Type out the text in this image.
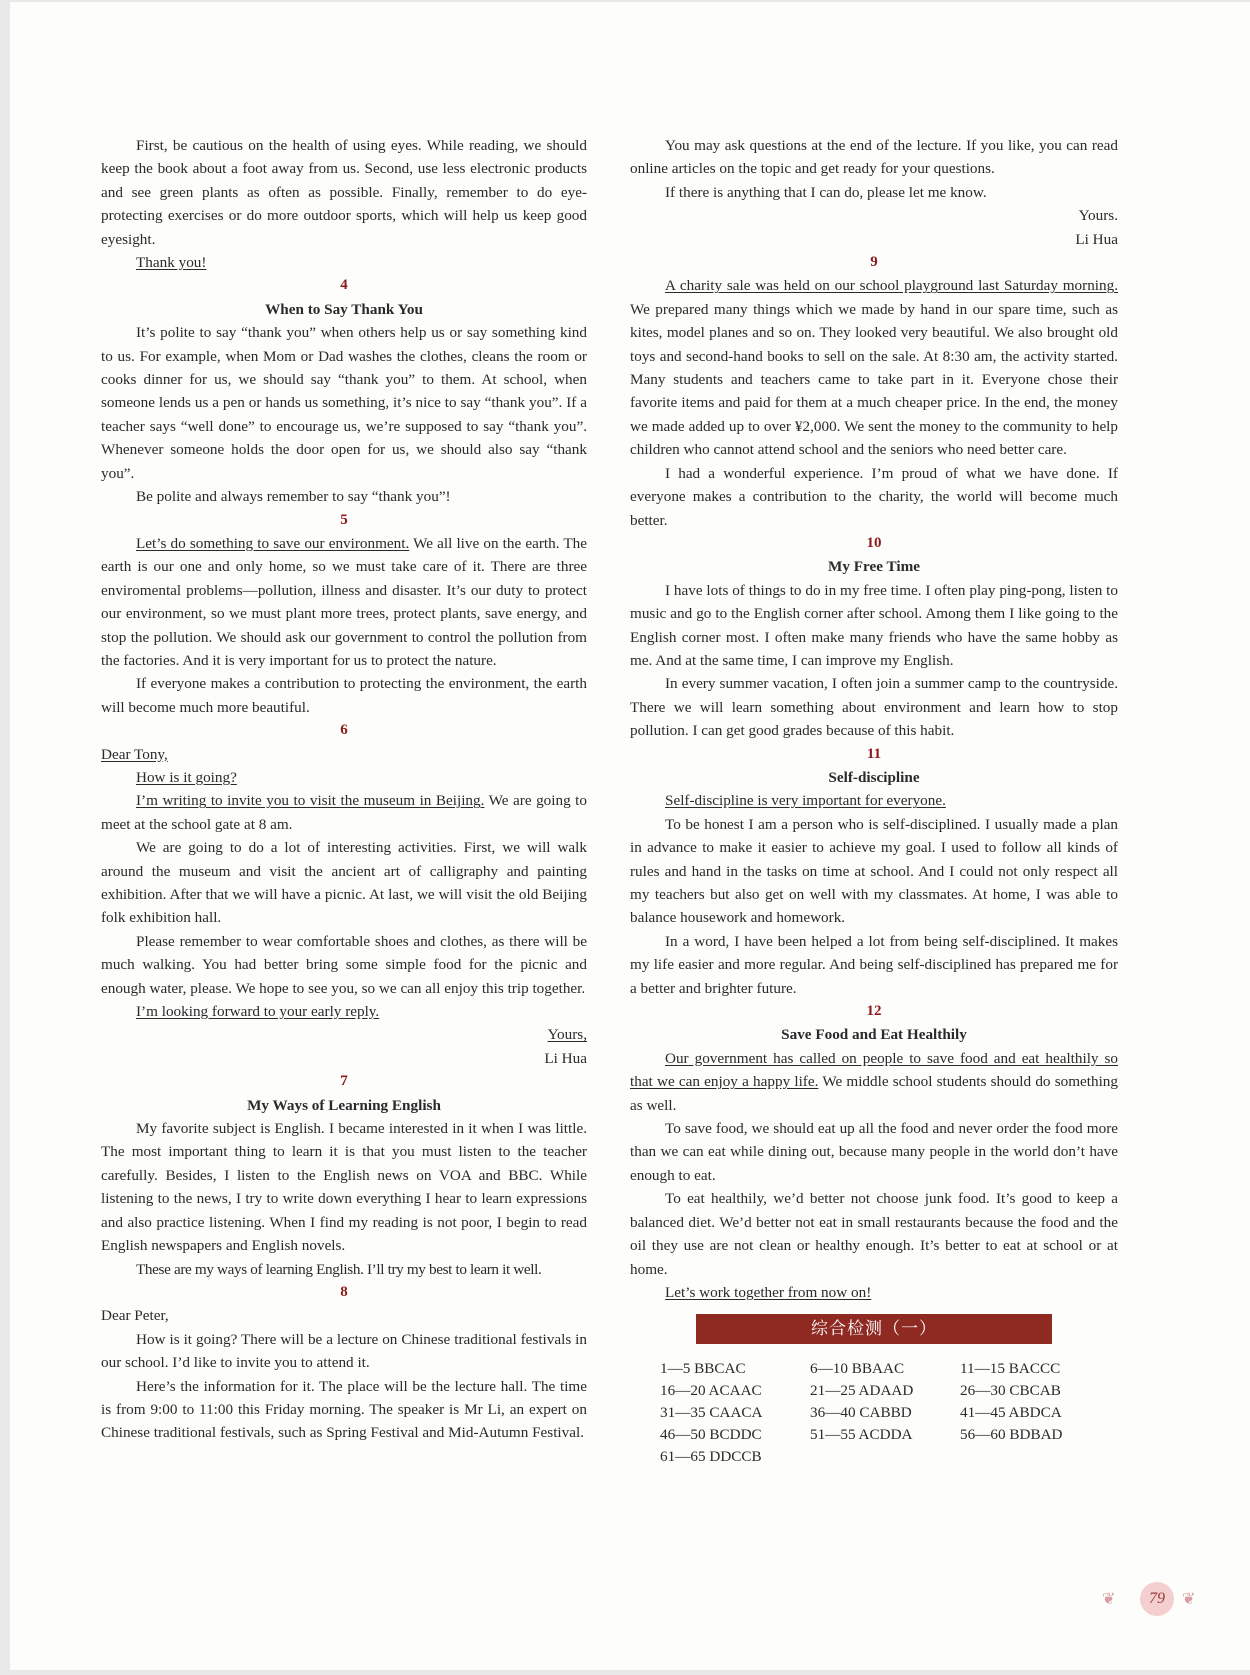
First, be cautious on the health of using eyes. While reading, we should keep the book about a foot away from us. Second, use less electronic products and see green plants as often as possible. Finally, remember to do eye-protecting exercises or do more outdoor sports, which will help us keep good eyesight.

Thank you!

4

When to Say Thank You

It’s polite to say “thank you” when others help us or say something kind to us. For example, when Mom or Dad washes the clothes, cleans the room or cooks dinner for us, we should say “thank you” to them. At school, when someone lends us a pen or hands us something, it’s nice to say “thank you”. If a teacher says “well done” to encourage us, we’re supposed to say “thank you”. Whenever someone holds the door open for us, we should also say “thank you”.

Be polite and always remember to say “thank you”!

5

Let’s do something to save our environment. We all live on the earth. The earth is our one and only home, so we must take care of it. There are three enviromental problems—pollution, illness and disaster. It’s our duty to protect our environment, so we must plant more trees, protect plants, save energy, and stop the pollution. We should ask our government to control the pollution from the factories. And it is very important for us to protect the nature.

If everyone makes a contribution to protecting the environment, the earth will become much more beautiful.

6

Dear Tony,

How is it going?

I’m writing to invite you to visit the museum in Beijing. We are going to meet at the school gate at 8 am.

We are going to do a lot of interesting activities. First, we will walk around the museum and visit the ancient art of calligraphy and painting exhibition. After that we will have a picnic. At last, we will visit the old Beijing folk exhibition hall.

Please remember to wear comfortable shoes and clothes, as there will be much walking. You had better bring some simple food for the picnic and enough water, please. We hope to see you, so we can all enjoy this trip together.

I’m looking forward to your early reply.

Yours,

Li Hua

7

My Ways of Learning English

My favorite subject is English. I became interested in it when I was little. The most important thing to learn it is that you must listen to the teacher carefully. Besides, I listen to the English news on VOA and BBC. While listening to the news, I try to write down everything I hear to learn expressions and also practice listening. When I find my reading is not poor, I begin to read English newspapers and English novels.

These are my ways of learning English. I’ll try my best to learn it well.

8

Dear Peter,

How is it going? There will be a lecture on Chinese traditional festivals in our school. I’d like to invite you to attend it.

Here’s the information for it. The place will be the lecture hall. The time is from 9:00 to 11:00 this Friday morning. The speaker is Mr Li, an expert on Chinese traditional festivals, such as Spring Festival and Mid-Autumn Festival.

You may ask questions at the end of the lecture. If you like, you can read online articles on the topic and get ready for your questions.

If there is anything that I can do, please let me know.

Yours.

Li Hua

9

A charity sale was held on our school playground last Saturday morning. We prepared many things which we made by hand in our spare time, such as kites, model planes and so on. They looked very beautiful. We also brought old toys and second-hand books to sell on the sale. At 8:30 am, the activity started. Many students and teachers came to take part in it. Everyone chose their favorite items and paid for them at a much cheaper price. In the end, the money we made added up to over ¥2,000. We sent the money to the community to help children who cannot attend school and the seniors who need better care.

I had a wonderful experience. I’m proud of what we have done. If everyone makes a contribution to the charity, the world will become much better.

10

My Free Time

I have lots of things to do in my free time. I often play ping-pong, listen to music and go to the English corner after school. Among them I like going to the English corner most. I often make many friends who have the same hobby as me. And at the same time, I can improve my English.

In every summer vacation, I often join a summer camp to the countryside. There we will learn something about environment and learn how to stop pollution. I can get good grades because of this habit.

11

Self-discipline

Self-discipline is very important for everyone.

To be honest I am a person who is self-disciplined. I usually made a plan in advance to make it easier to achieve my goal. I used to follow all kinds of rules and hand in the tasks on time at school. And I could not only respect all my teachers but also get on well with my classmates. At home, I was able to balance housework and homework.

In a word, I have been helped a lot from being self-disciplined. It makes my life easier and more regular. And being self-disciplined has prepared me for a better and brighter future.

12

Save Food and Eat Healthily

Our government has called on people to save food and eat healthily so that we can enjoy a happy life. We middle school students should do something as well.

To save food, we should eat up all the food and never order the food more than we can eat while dining out, because many people in the world don’t have enough to eat.

To eat healthily, we’d better not choose junk food. It’s good to keep a balanced diet. We’d better not eat in small restaurants because the food and the oil they use are not clean or healthy enough. It’s better to eat at school or at home.

Let’s work together from now on!

综合检测（一）
1—5 BBCAC	6—10 BBAAC	11—15 BACCC
16—20 ACAAC	21—25 ADAAD	26—30 CBCAB
31—35 CAACA	36—40 CABBD	41—45 ABDCA
46—50 BCDDC	51—55 ACDDA	56—60 BDBAD
61—65 DDCCB
❦	79	❦
